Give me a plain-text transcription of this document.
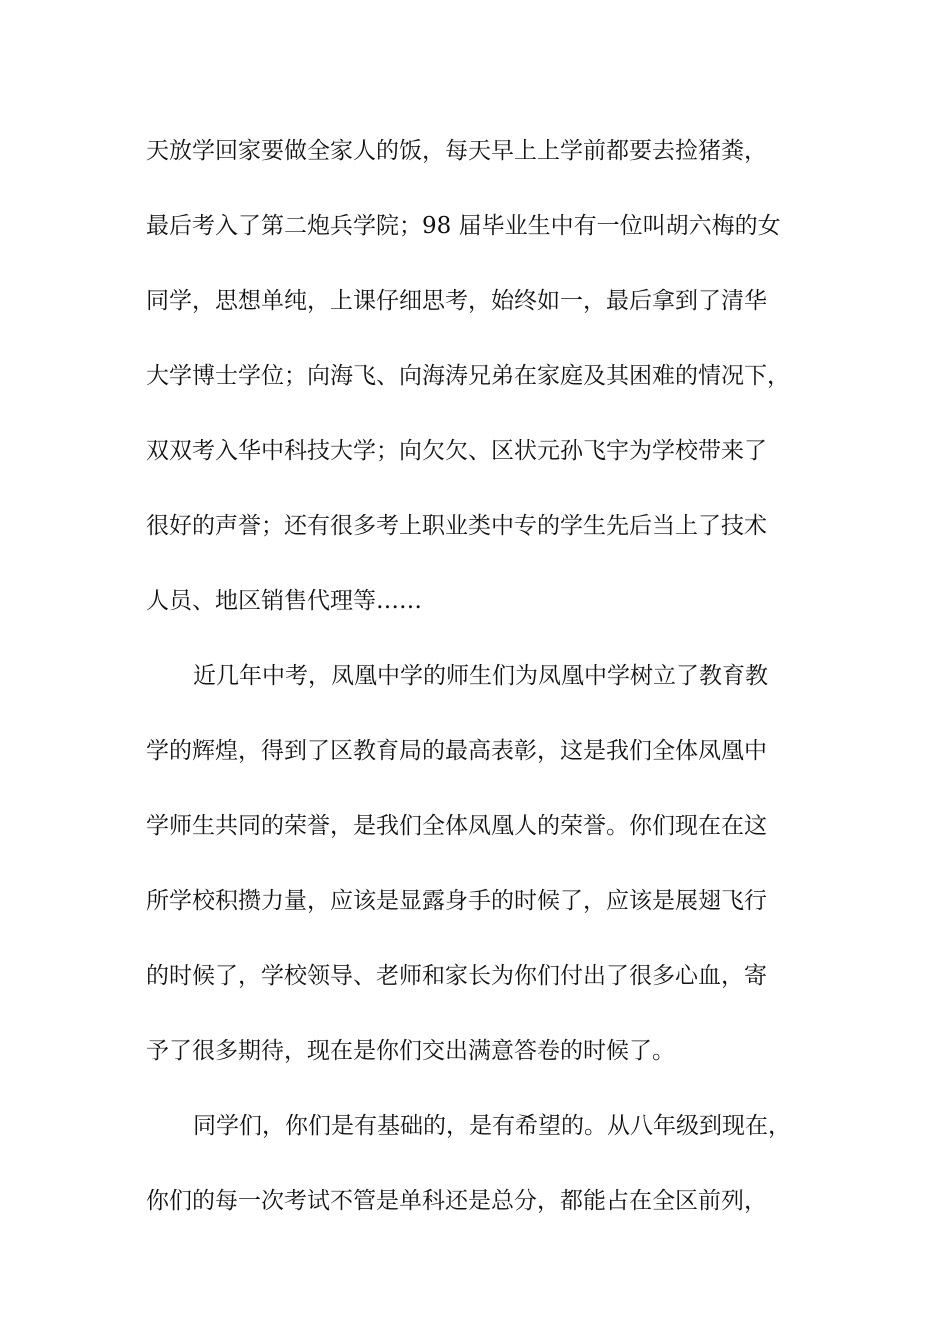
天放学回家要做全家人的饭，每天早上上学前都要去捡猪粪，
最后考入了第二炮兵学院；98 届毕业生中有一位叫胡六梅的女
同学，思想单纯，上课仔细思考，始终如一，最后拿到了清华
大学博士学位；向海飞、向海涛兄弟在家庭及其困难的情况下，
双双考入华中科技大学；向欠欠、区状元孙飞宇为学校带来了
很好的声誉；还有很多考上职业类中专的学生先后当上了技术
人员、地区销售代理等……
近几年中考，凤凰中学的师生们为凤凰中学树立了教育教
学的辉煌，得到了区教育局的最高表彰，这是我们全体凤凰中
学师生共同的荣誉，是我们全体凤凰人的荣誉。你们现在在这
所学校积攒力量，应该是显露身手的时候了，应该是展翅飞行
的时候了，学校领导、老师和家长为你们付出了很多心血，寄
予了很多期待，现在是你们交出满意答卷的时候了。
同学们，你们是有基础的，是有希望的。从八年级到现在，
你们的每一次考试不管是单科还是总分，都能占在全区前列，
